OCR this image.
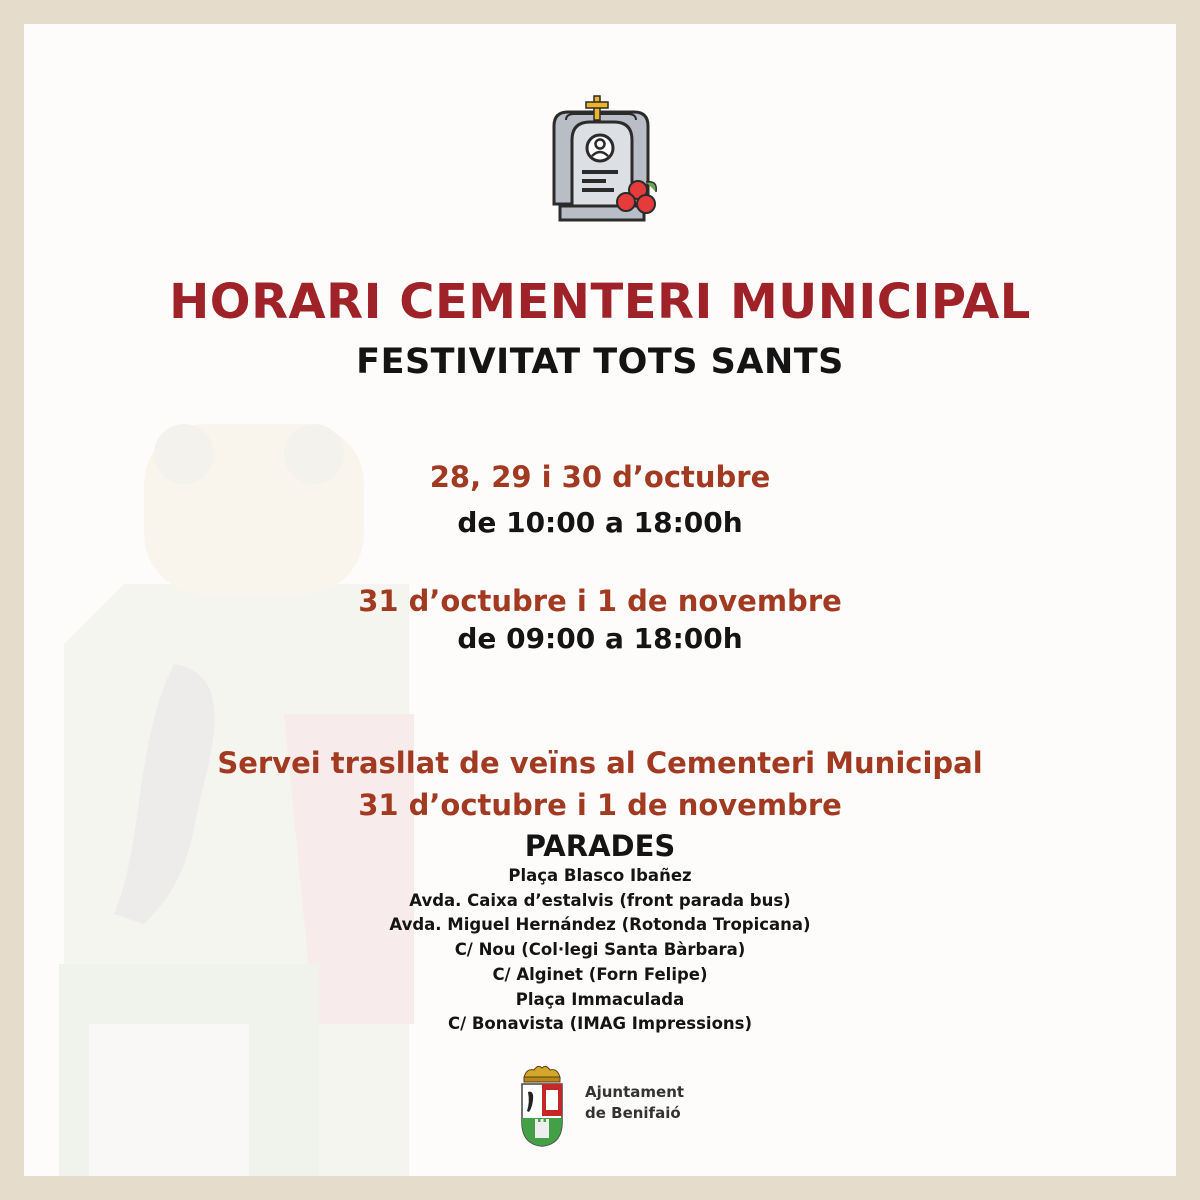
HORARI CEMENTERI MUNICIPAL
FESTIVITAT TOTS SANTS
28, 29 i 30 d’octubre
de 10:00 a 18:00h
31 d’octubre i 1 de novembre
de 09:00 a 18:00h
Servei trasllat de veïns al Cementeri Municipal
31 d’octubre i 1 de novembre
PARADES
Plaça Blasco Ibañez
Avda. Caixa d’estalvis (front parada bus)
Avda. Miguel Hernández (Rotonda Tropicana)
C/ Nou (Col·legi Santa Bàrbara)
C/ Alginet (Forn Felipe)
Plaça Immaculada
C/ Bonavista (IMAG Impressions)
Ajuntament
de Benifaió
